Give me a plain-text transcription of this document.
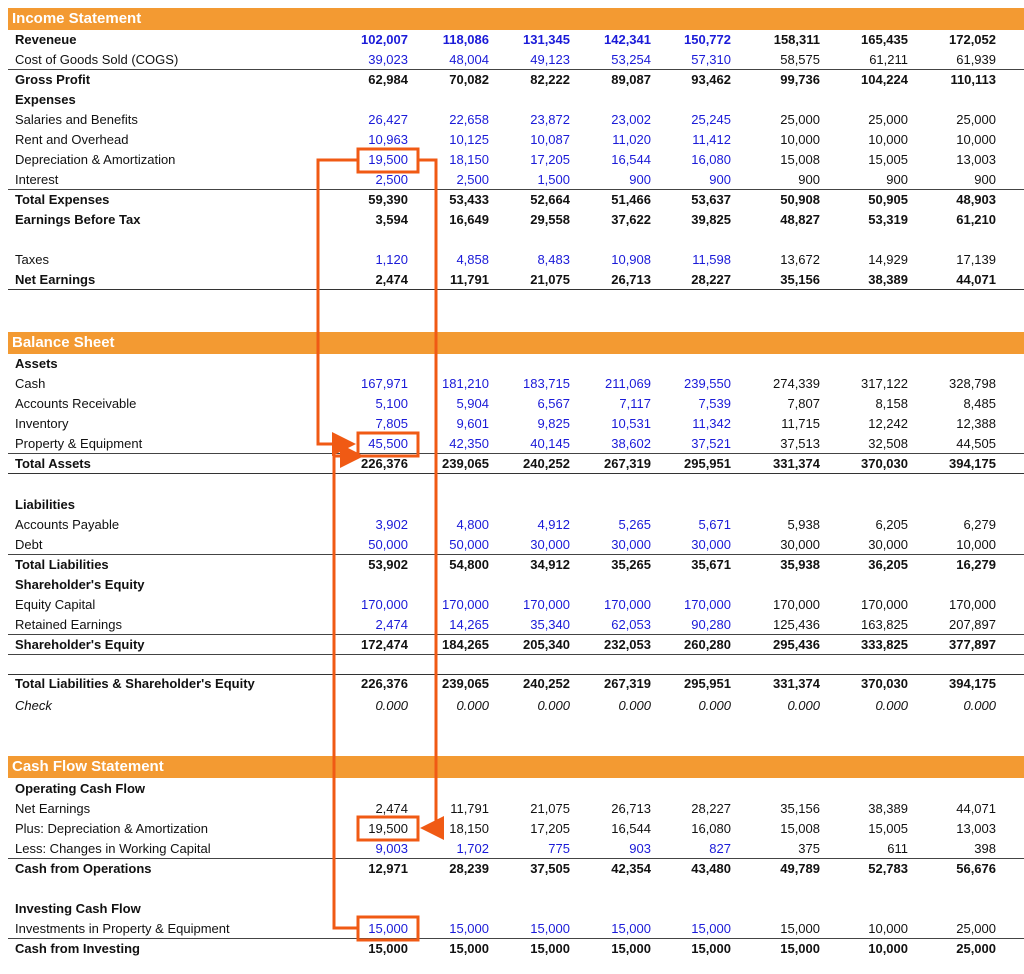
Income Statement
Balance Sheet
Cash Flow Statement
Reveneue	102,007	118,086	131,345	142,341	150,772	158,311	165,435	172,052
Cost of Goods Sold (COGS)	39,023	48,004	49,123	53,254	57,310	58,575	61,211	61,939
Gross Profit	62,984	70,082	82,222	89,087	93,462	99,736	104,224	110,113
Expenses
Salaries and Benefits	26,427	22,658	23,872	23,002	25,245	25,000	25,000	25,000
Rent and Overhead	10,963	10,125	10,087	11,020	11,412	10,000	10,000	10,000
Depreciation & Amortization	19,500	18,150	17,205	16,544	16,080	15,008	15,005	13,003
Interest	2,500	2,500	1,500	900	900	900	900	900
Total Expenses	59,390	53,433	52,664	51,466	53,637	50,908	50,905	48,903
Earnings Before Tax	3,594	16,649	29,558	37,622	39,825	48,827	53,319	61,210
Taxes	1,120	4,858	8,483	10,908	11,598	13,672	14,929	17,139
Net Earnings	2,474	11,791	21,075	26,713	28,227	35,156	38,389	44,071
Assets
Cash	167,971	181,210	183,715	211,069	239,550	274,339	317,122	328,798
Accounts Receivable	5,100	5,904	6,567	7,117	7,539	7,807	8,158	8,485
Inventory	7,805	9,601	9,825	10,531	11,342	11,715	12,242	12,388
Property & Equipment	45,500	42,350	40,145	38,602	37,521	37,513	32,508	44,505
Total Assets	226,376	239,065	240,252	267,319	295,951	331,374	370,030	394,175
Liabilities
Accounts Payable	3,902	4,800	4,912	5,265	5,671	5,938	6,205	6,279
Debt	50,000	50,000	30,000	30,000	30,000	30,000	30,000	10,000
Total Liabilities	53,902	54,800	34,912	35,265	35,671	35,938	36,205	16,279
Shareholder's Equity
Equity Capital	170,000	170,000	170,000	170,000	170,000	170,000	170,000	170,000
Retained Earnings	2,474	14,265	35,340	62,053	90,280	125,436	163,825	207,897
Shareholder's Equity	172,474	184,265	205,340	232,053	260,280	295,436	333,825	377,897
Total Liabilities & Shareholder's Equity	226,376	239,065	240,252	267,319	295,951	331,374	370,030	394,175
Check	0.000	0.000	0.000	0.000	0.000	0.000	0.000	0.000
Operating Cash Flow
Net Earnings	2,474	11,791	21,075	26,713	28,227	35,156	38,389	44,071
Plus: Depreciation & Amortization	19,500	18,150	17,205	16,544	16,080	15,008	15,005	13,003
Less: Changes in Working Capital	9,003	1,702	775	903	827	375	611	398
Cash from Operations	12,971	28,239	37,505	42,354	43,480	49,789	52,783	56,676
Investing Cash Flow
Investments in Property & Equipment	15,000	15,000	15,000	15,000	15,000	15,000	10,000	25,000
Cash from Investing	15,000	15,000	15,000	15,000	15,000	15,000	10,000	25,000
